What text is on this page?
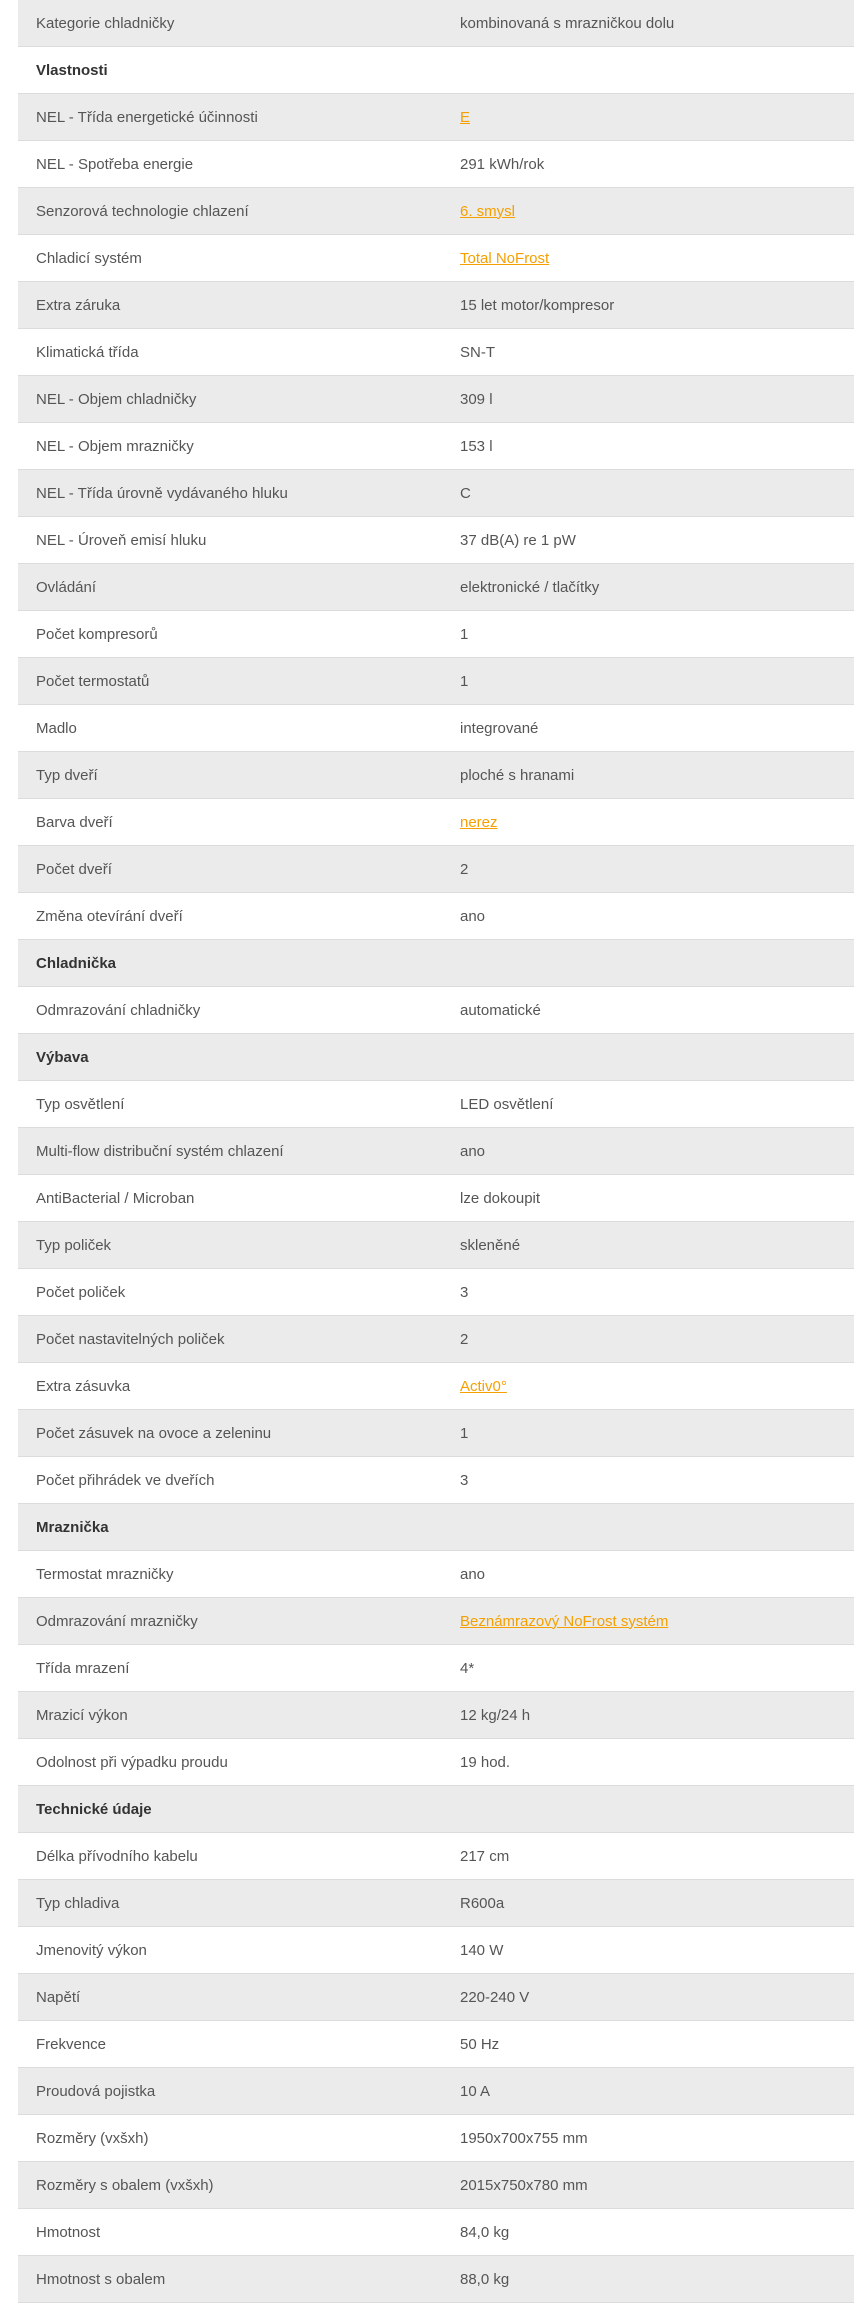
Kategorie chladničky	kombinovaná s mrazničkou dolu
Vlastnosti
NEL - Třída energetické účinnosti	E
NEL - Spotřeba energie	291 kWh/rok
Senzorová technologie chlazení	6. smysl
Chladicí systém	Total NoFrost
Extra záruka	15 let motor/kompresor
Klimatická třída	SN-T
NEL - Objem chladničky	309 l
NEL - Objem mrazničky	153 l
NEL - Třída úrovně vydávaného hluku	C
NEL - Úroveň emisí hluku	37 dB(A) re 1 pW
Ovládání	elektronické / tlačítky
Počet kompresorů	1
Počet termostatů	1
Madlo	integrované
Typ dveří	ploché s hranami
Barva dveří	nerez
Počet dveří	2
Změna otevírání dveří	ano
Chladnička
Odmrazování chladničky	automatické
Výbava
Typ osvětlení	LED osvětlení
Multi-flow distribuční systém chlazení	ano
AntiBacterial / Microban	lze dokoupit
Typ poliček	skleněné
Počet poliček	3
Počet nastavitelných poliček	2
Extra zásuvka	Activ0°
Počet zásuvek na ovoce a zeleninu	1
Počet přihrádek ve dveřích	3
Mraznička
Termostat mrazničky	ano
Odmrazování mrazničky	Beznámrazový NoFrost systém
Třída mrazení	4*
Mrazicí výkon	12 kg/24 h
Odolnost při výpadku proudu	19 hod.
Technické údaje
Délka přívodního kabelu	217 cm
Typ chladiva	R600a
Jmenovitý výkon	140 W
Napětí	220-240 V
Frekvence	50 Hz
Proudová pojistka	10 A
Rozměry (vxšxh)	1950x700x755 mm
Rozměry s obalem (vxšxh)	2015x750x780 mm
Hmotnost	84,0 kg
Hmotnost s obalem	88,0 kg
